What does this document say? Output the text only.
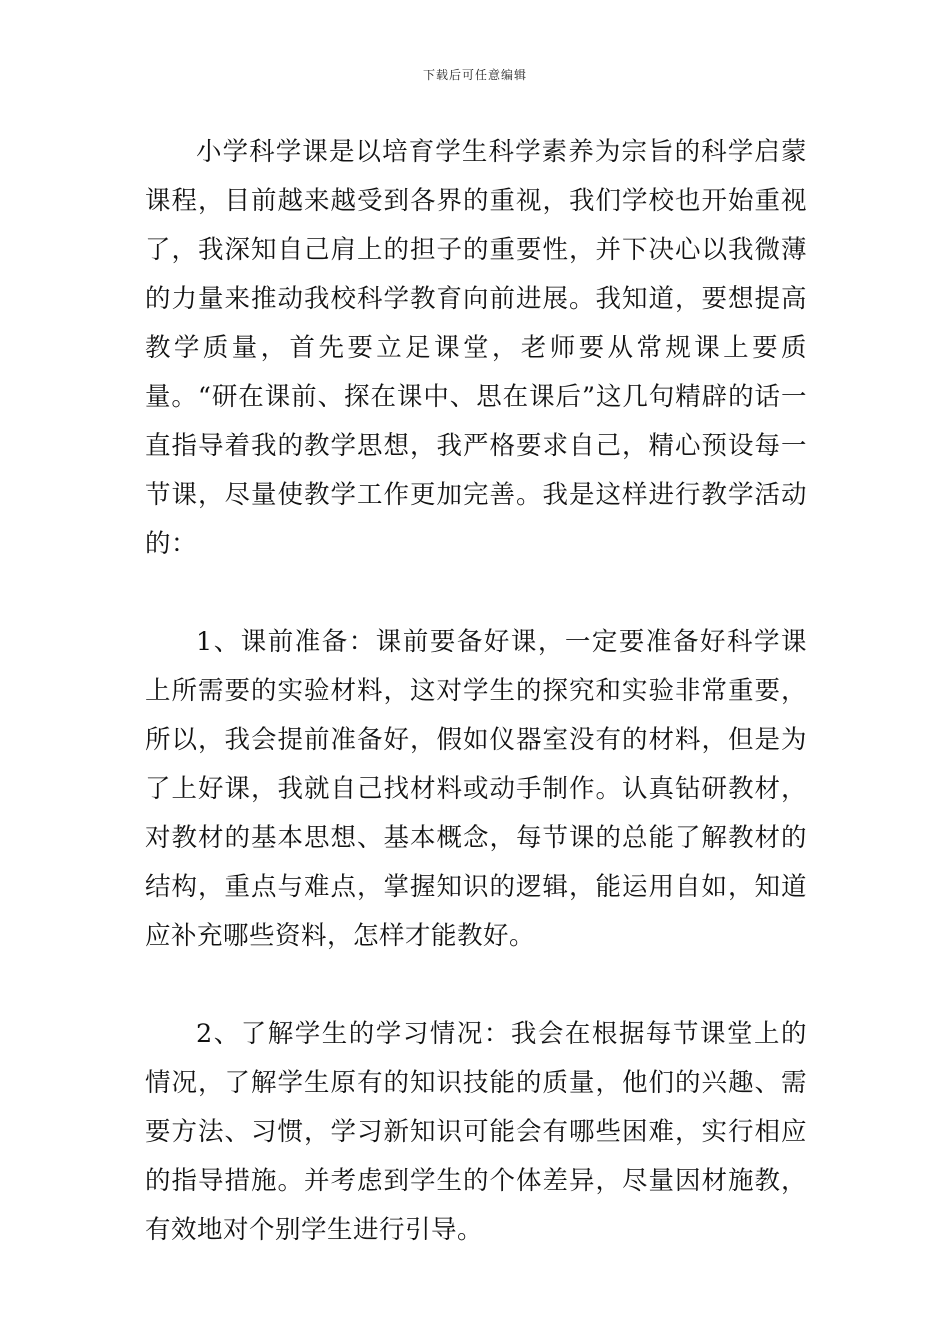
下载后可任意编辑

小学科学课是以培育学生科学素养为宗旨的科学启蒙课程，目前越来越受到各界的重视，我们学校也开始重视了，我深知自己肩上的担子的重要性，并下决心以我微薄的力量来推动我校科学教育向前进展。我知道，要想提高教学质量，首先要立足课堂，老师要从常规课上要质量。“研在课前、探在课中、思在课后”这几句精辟的话一直指导着我的教学思想，我严格要求自己，精心预设每一节课，尽量使教学工作更加完善。我是这样进行教学活动的：

1、课前准备：课前要备好课，一定要准备好科学课上所需要的实验材料，这对学生的探究和实验非常重要，所以，我会提前准备好，假如仪器室没有的材料，但是为了上好课，我就自己找材料或动手制作。认真钻研教材，对教材的基本思想、基本概念，每节课的总能了解教材的结构，重点与难点，掌握知识的逻辑，能运用自如，知道应补充哪些资料，怎样才能教好。

2、了解学生的学习情况：我会在根据每节课堂上的情况，了解学生原有的知识技能的质量，他们的兴趣、需要方法、习惯，学习新知识可能会有哪些困难，实行相应的指导措施。并考虑到学生的个体差异，尽量因材施教，有效地对个别学生进行引导。
